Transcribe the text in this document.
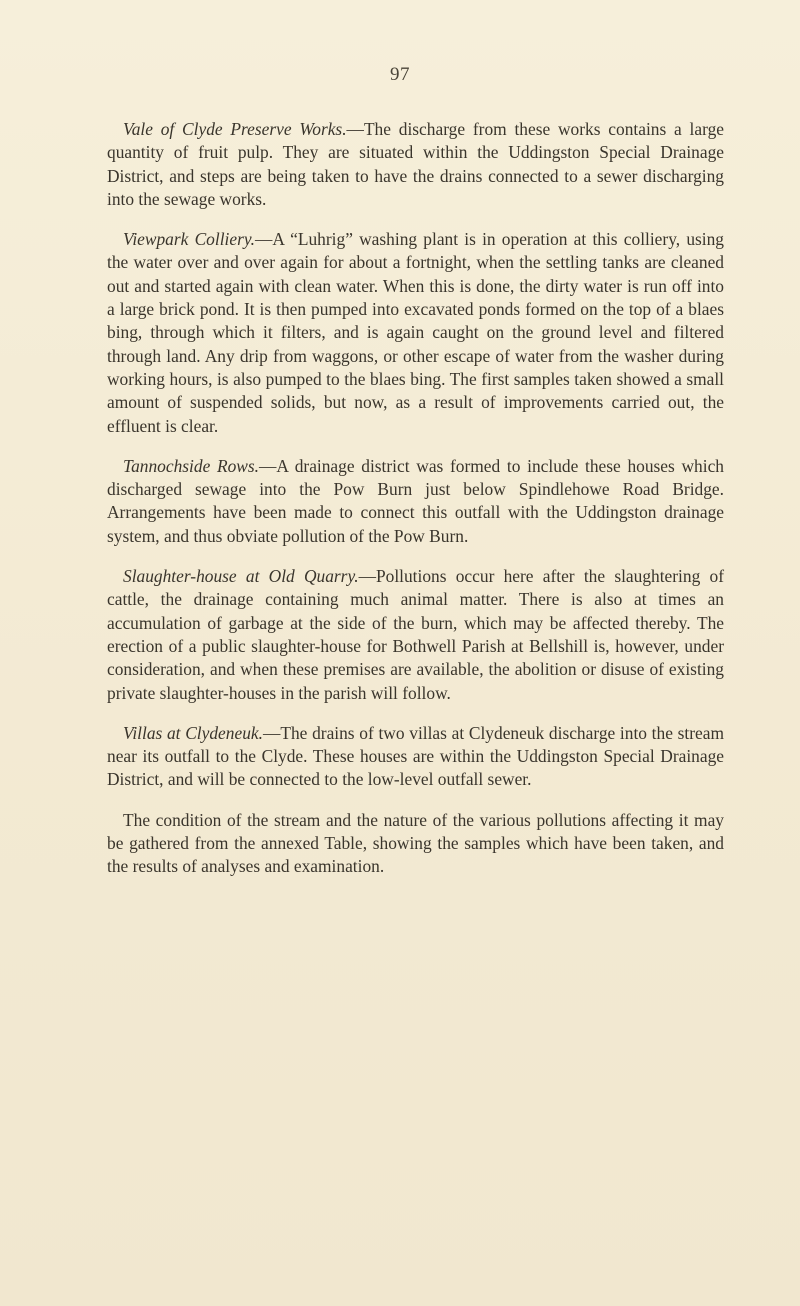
97

Vale of Clyde Preserve Works.—The discharge from these works contains a large quantity of fruit pulp. They are situated within the Uddingston Special Drainage District, and steps are being taken to have the drains connected to a sewer discharging into the sewage works.

Viewpark Colliery.—A “Luhrig” washing plant is in operation at this colliery, using the water over and over again for about a fortnight, when the settling tanks are cleaned out and started again with clean water. When this is done, the dirty water is run off into a large brick pond. It is then pumped into excavated ponds formed on the top of a blaes bing, through which it filters, and is again caught on the ground level and filtered through land. Any drip from waggons, or other escape of water from the washer during working hours, is also pumped to the blaes bing. The first samples taken showed a small amount of suspended solids, but now, as a result of improvements carried out, the effluent is clear.

Tannochside Rows.—A drainage district was formed to include these houses which discharged sewage into the Pow Burn just below Spindlehowe Road Bridge. Arrangements have been made to connect this outfall with the Uddingston drainage system, and thus obviate pollution of the Pow Burn.

Slaughter-house at Old Quarry.—Pollutions occur here after the slaughtering of cattle, the drainage containing much animal matter. There is also at times an accumulation of garbage at the side of the burn, which may be affected thereby. The erection of a public slaughter-house for Bothwell Parish at Bellshill is, however, under consideration, and when these premises are available, the abolition or disuse of existing private slaughter-houses in the parish will follow.

Villas at Clydeneuk.—The drains of two villas at Clydeneuk discharge into the stream near its outfall to the Clyde. These houses are within the Uddingston Special Drainage District, and will be connected to the low-level outfall sewer.

The condition of the stream and the nature of the various pollutions affecting it may be gathered from the annexed Table, showing the samples which have been taken, and the results of analyses and examination.
